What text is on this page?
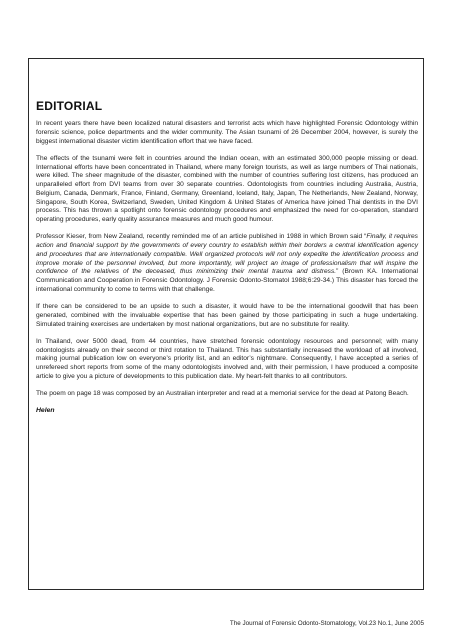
EDITORIAL

In recent years there have been localized natural disasters and terrorist acts which have highlighted Forensic Odontology within forensic science, police departments and the wider community. The Asian tsunami of 26 December 2004, however, is surely the biggest international disaster victim identification effort that we have faced.

The effects of the tsunami were felt in countries around the Indian ocean, with an estimated 300,000 people missing or dead. International efforts have been concentrated in Thailand, where many foreign tourists, as well as large numbers of Thai nationals, were killed. The sheer magnitude of the disaster, combined with the number of countries suffering lost citizens, has produced an unparalleled effort from DVI teams from over 30 separate countries. Odontologists from countries including Australia, Austria, Belgium, Canada, Denmark, France, Finland, Germany, Greenland, Iceland, Italy, Japan, The Netherlands, New Zealand, Norway, Singapore, South Korea, Switzerland, Sweden, United Kingdom & United States of America have joined Thai dentists in the DVI process. This has thrown a spotlight onto forensic odontology procedures and emphasized the need for co-operation, standard operating procedures, early quality assurance measures and much good humour.

Professor Kieser, from New Zealand, recently reminded me of an article published in 1988 in which Brown said “Finally, it requires action and financial support by the governments of every country to establish within their borders a central identification agency and procedures that are internationally compatible. Well organized protocols will not only expedite the identification process and improve morale of the personnel involved, but more importantly, will project an image of professionalism that will inspire the confidence of the relatives of the deceased, thus minimizing their mental trauma and distress.” (Brown KA. International Communication and Cooperation in Forensic Odontology. J Forensic Odonto-Stomatol 1988;6:29-34.) This disaster has forced the international community to come to terms with that challenge.

If there can be considered to be an upside to such a disaster, it would have to be the international goodwill that has been generated, combined with the invaluable expertise that has been gained by those participating in such a huge undertaking. Simulated training exercises are undertaken by most national organizations, but are no substitute for reality.

In Thailand, over 5000 dead, from 44 countries, have stretched forensic odontology resources and personnel; with many odontologists already on their second or third rotation to Thailand. This has substantially increased the workload of all involved, making journal publication low on everyone’s priority list, and an editor’s nightmare. Consequently, I have accepted a series of unrefereed short reports from some of the many odontologists involved and, with their permission, I have produced a composite article to give you a picture of developments to this publication date. My heart-felt thanks to all contributors.

The poem on page 18 was composed by an Australian interpreter and read at a memorial service for the dead at Patong Beach.

Helen

The Journal of Forensic Odonto-Stomatology, Vol.23 No.1, June 2005
